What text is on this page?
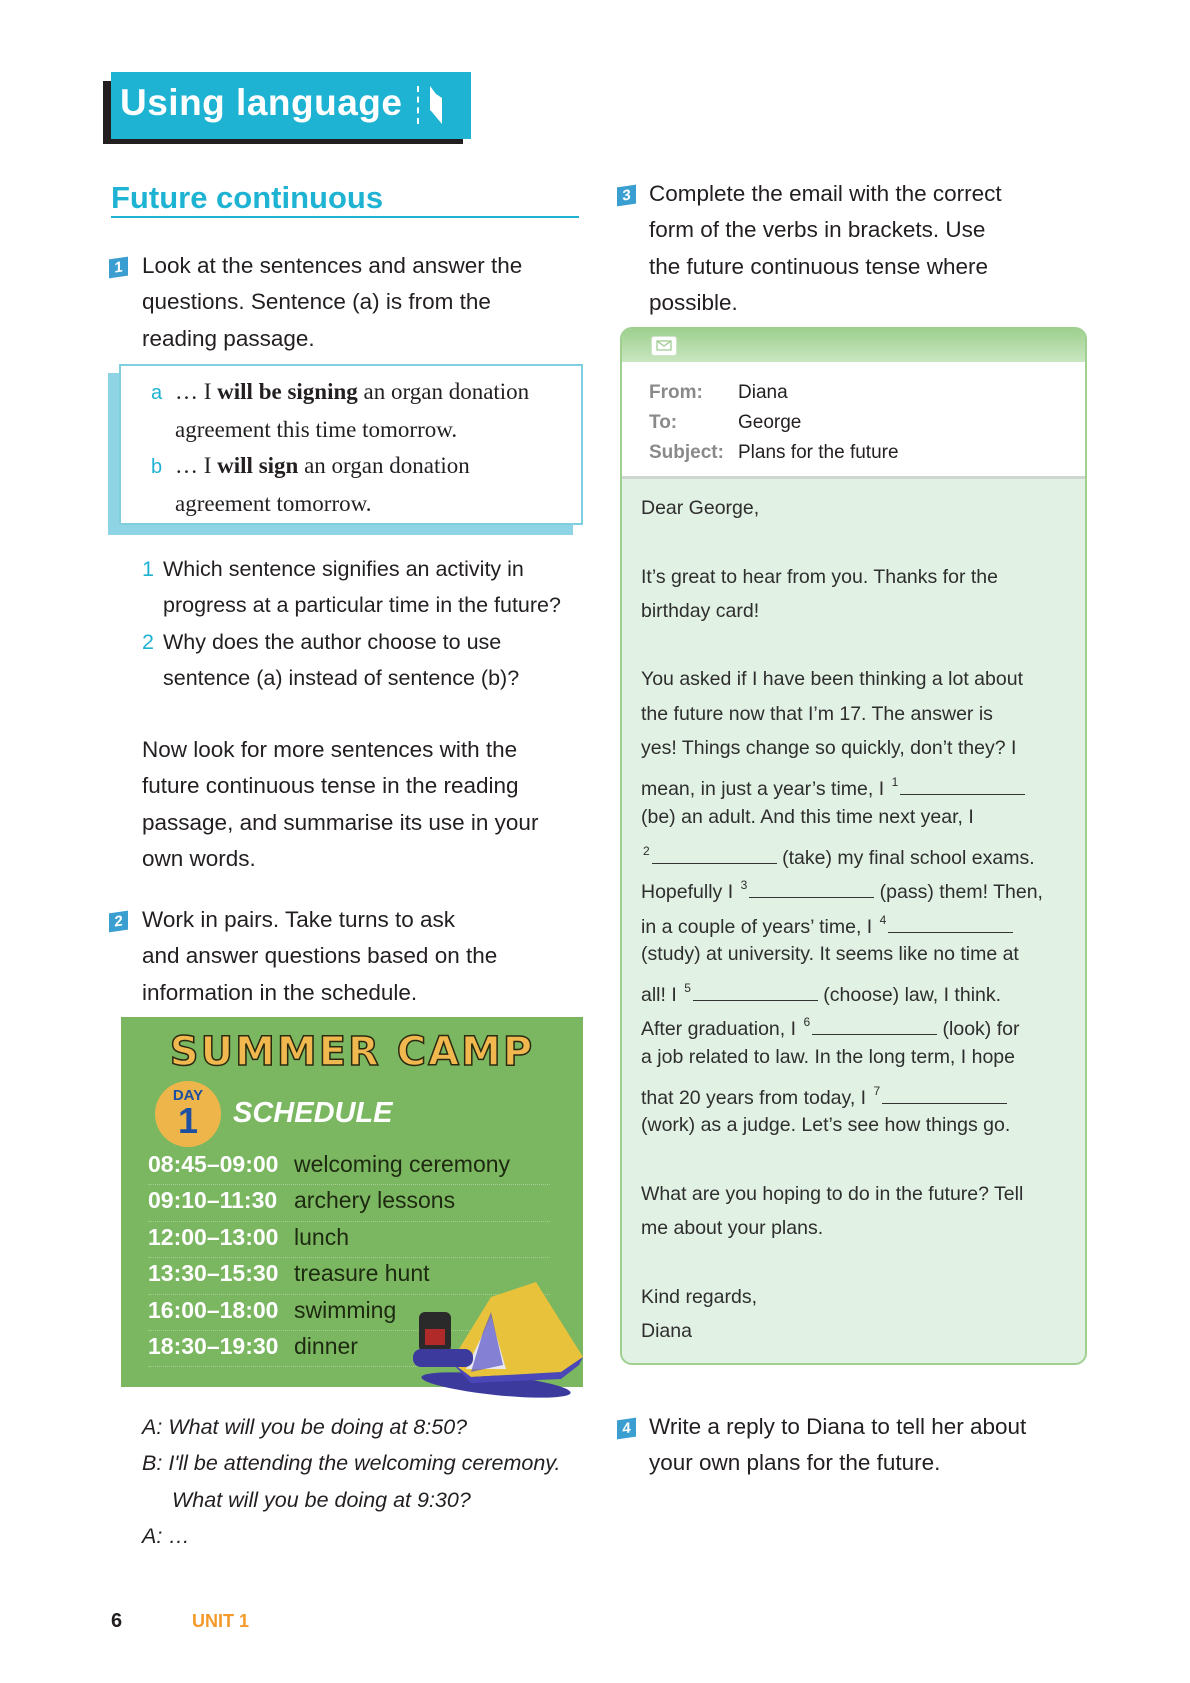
Using language
Future continuous
1 Look at the sentences and answer the
questions. Sentence (a) is from the
reading passage.
a … I will be signing an organ donation
agreement this time tomorrow.
b … I will sign an organ donation
agreement tomorrow.
1 Which sentence signifies an activity in
progress at a particular time in the future?
2 Why does the author choose to use
sentence (a) instead of sentence (b)?
Now look for more sentences with the
future continuous tense in the reading
passage, and summarise its use in your
own words.
2 Work in pairs. Take turns to ask
and answer questions based on the
information in the schedule.
SUMMER CAMP
DAY
1	SCHEDULE
08:45–09:00 welcoming ceremony
09:10–11:30 archery lessons
12:00–13:00 lunch
13:30–15:30 treasure hunt
16:00–18:00 swimming
18:30–19:30 dinner
A: What will you be doing at 8:50?
B: I'll be attending the welcoming ceremony.
What will you be doing at 9:30?
A: …
3 Complete the email with the correct
form of the verbs in brackets. Use
the future continuous tense where
possible.
From: Diana
To:	George
Subject: Plans for the future
Dear George,
It’s great to hear from you. Thanks for the
birthday card!
You asked if I have been thinking a lot about
the future now that I’m 17. The answer is
yes! Things change so quickly, don’t they? I
mean, in just a year’s time, I $^1$
(be) an adult. And this time next year, I
$^2$	(take) my final school exams.
Hopefully I $^3$	(pass) them! Then,
in a couple of years’ time, I $^4$
(study) at university. It seems like no time at
all! I $^5$	(choose) law, I think.
After graduation, I $^6$	(look) for
a job related to law. In the long term, I hope
that 20 years from today, I $^7$
(work) as a judge. Let’s see how things go.
What are you hoping to do in the future? Tell
me about your plans.
Kind regards,
Diana
4 Write a reply to Diana to tell her about
your own plans for the future.
6	UNIT 1
